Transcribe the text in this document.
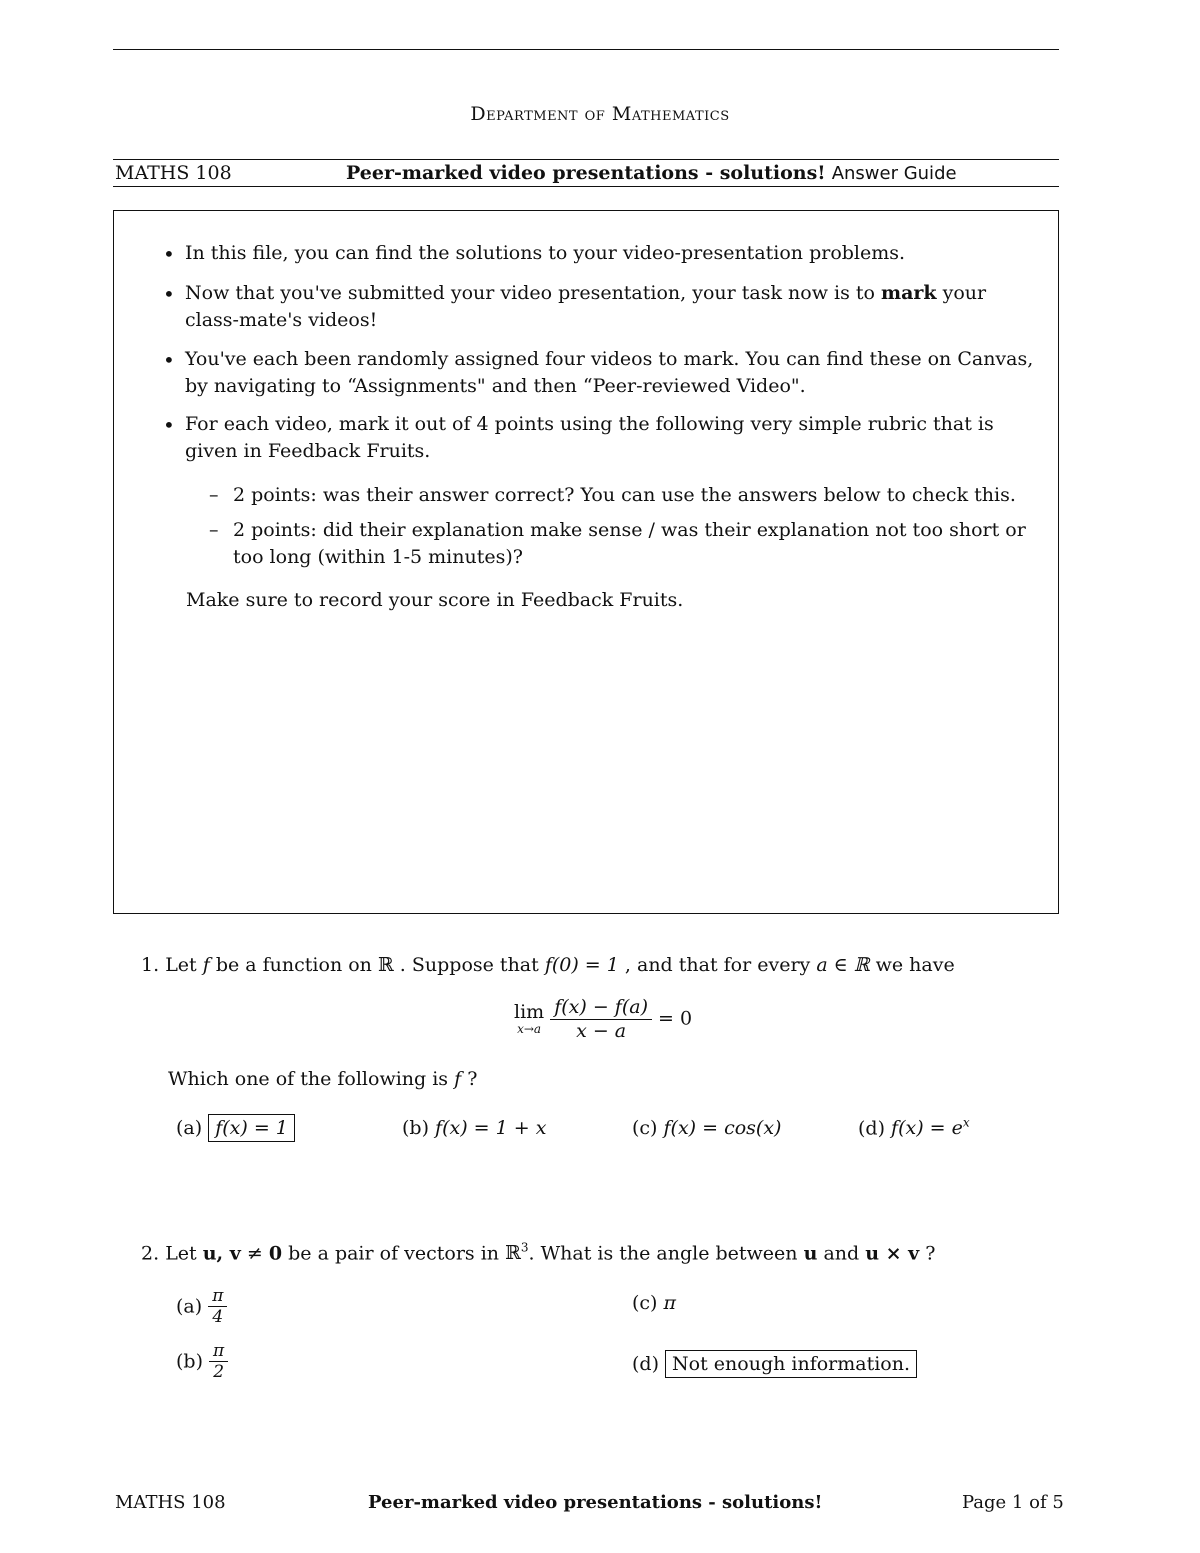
Department of Mathematics
MATHS 108	Peer-marked video presentations - solutions! Answer Guide
• In this file, you can find the solutions to your video-presentation problems.
• Now that you've submitted your video presentation, your task now is to mark your class-mate's videos!
• You've each been randomly assigned four videos to mark. You can find these on Canvas, by navigating to “Assignments" and then “Peer-reviewed Video".
• For each video, mark it out of 4 points using the following very simple rubric that is given in Feedback Fruits.
– 2 points: was their answer correct? You can use the answers below to check this.
– 2 points: did their explanation make sense / was their explanation not too short or too long (within 1-5 minutes)?
Make sure to record your score in Feedback Fruits.
1. Let f be a function on ℝ . Suppose that f(0) = 1 , and that for every a ∈ ℝ we have
lim
x→a
$\frac{f(x) - f(a)}{x - a} = 0$
Which one of the following is f ?
(a) f(x) = 1	(b) f(x) = 1 + x	(c) f(x) = cos(x)	(d) $f(x) = e^x$
2. Let u, v ≠ 0 be a pair of vectors in ℝ$^3$. What is the angle between u and u × v ?
$(a) \frac{\pi}{4}$
$(b) \frac{\pi}{2}$
(c) π
(d) Not enough information.
MATHS 108	Peer-marked video presentations - solutions!	Page 1 of 5
